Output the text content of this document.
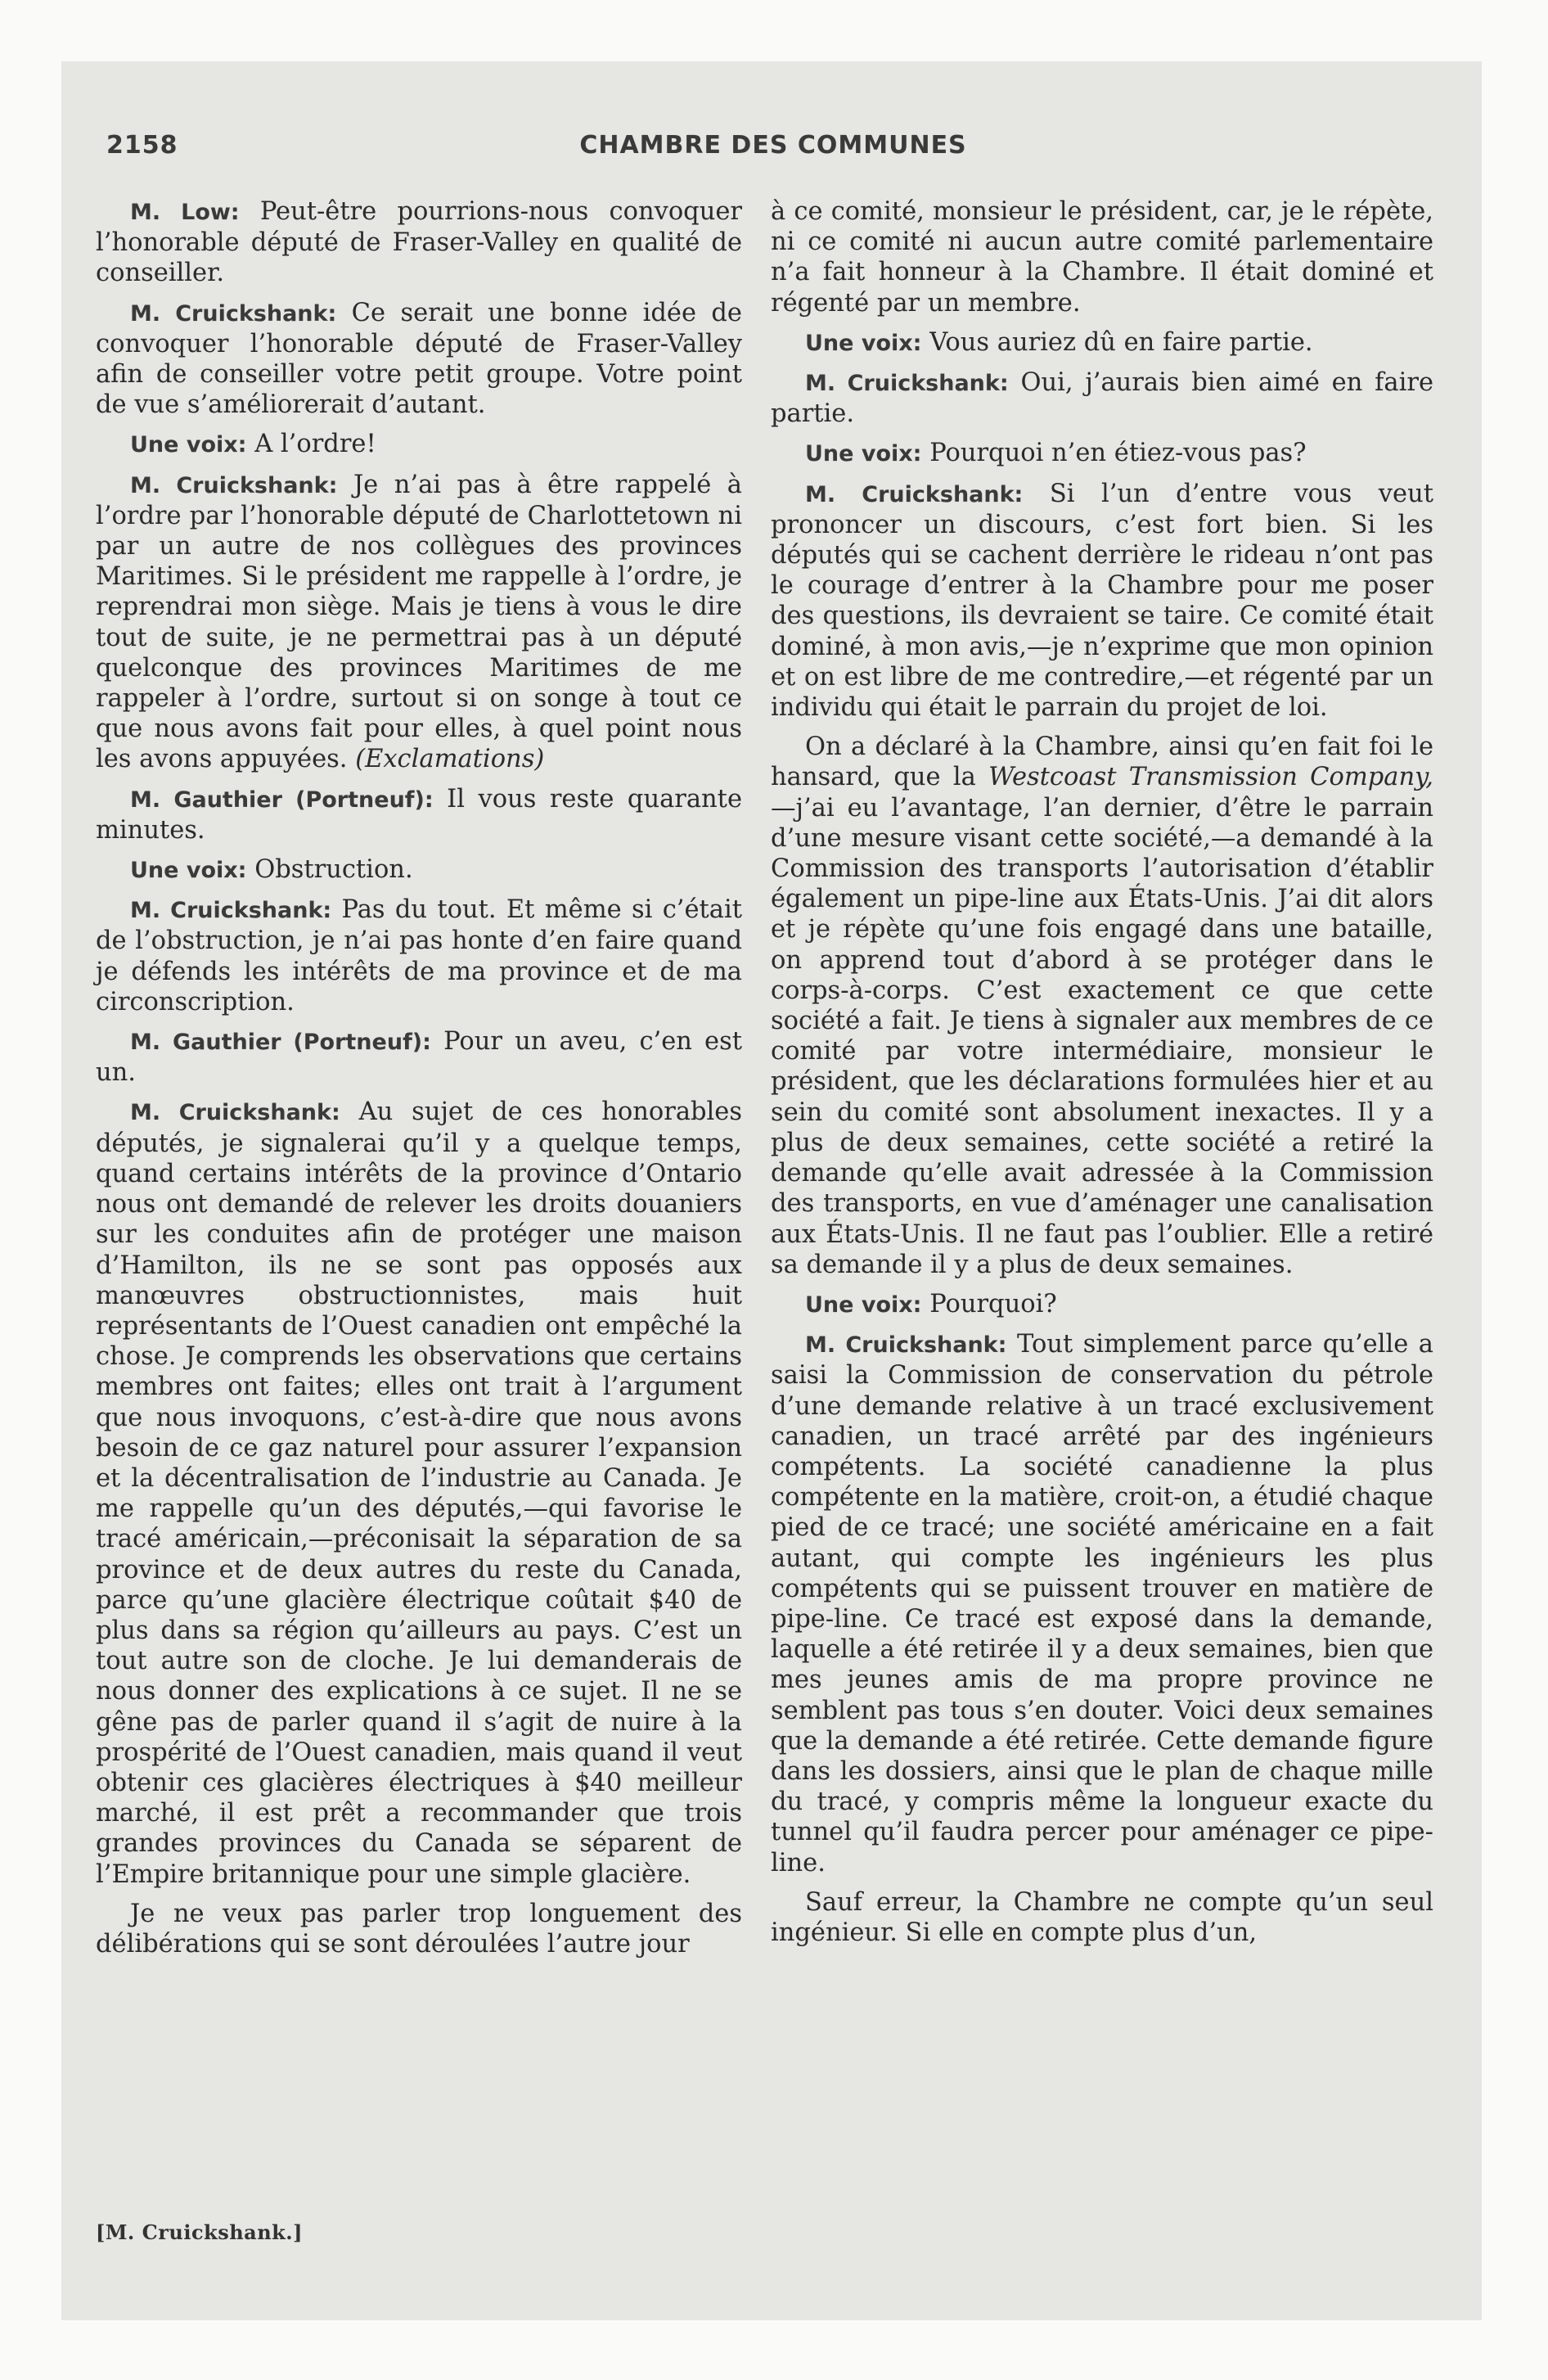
2158	CHAMBRE DES COMMUNES

M. Low: Peut-être pourrions-nous convoquer l’honorable député de Fraser-Valley en qualité de conseiller.

M. Cruickshank: Ce serait une bonne idée de convoquer l’honorable député de Fraser-Valley afin de conseiller votre petit groupe. Votre point de vue s’améliorerait d’autant.

Une voix: A l’ordre!

M. Cruickshank: Je n’ai pas à être rappelé à l’ordre par l’honorable député de Charlottetown ni par un autre de nos collègues des provinces Maritimes. Si le président me rappelle à l’ordre, je reprendrai mon siège. Mais je tiens à vous le dire tout de suite, je ne permettrai pas à un député quelconque des provinces Maritimes de me rappeler à l’ordre, surtout si on songe à tout ce que nous avons fait pour elles, à quel point nous les avons appuyées. (Exclamations)

M. Gauthier (Portneuf): Il vous reste quarante minutes.

Une voix: Obstruction.

M. Cruickshank: Pas du tout. Et même si c’était de l’obstruction, je n’ai pas honte d’en faire quand je défends les intérêts de ma province et de ma circonscription.

M. Gauthier (Portneuf): Pour un aveu, c’en est un.

M. Cruickshank: Au sujet de ces honorables députés, je signalerai qu’il y a quelque temps, quand certains intérêts de la province d’Ontario nous ont demandé de relever les droits douaniers sur les conduites afin de protéger une maison d’Hamilton, ils ne se sont pas opposés aux manœuvres obstructionnistes, mais huit représentants de l’Ouest canadien ont empêché la chose. Je comprends les observations que certains membres ont faites; elles ont trait à l’argument que nous invoquons, c’est-à-dire que nous avons besoin de ce gaz naturel pour assurer l’expansion et la décentralisation de l’industrie au Canada. Je me rappelle qu’un des députés,—qui favorise le tracé américain,—préconisait la séparation de sa province et de deux autres du reste du Canada, parce qu’une glacière électrique coûtait $40 de plus dans sa région qu’ailleurs au pays. C’est un tout autre son de cloche. Je lui demanderais de nous donner des explications à ce sujet. Il ne se gêne pas de parler quand il s’agit de nuire à la prospérité de l’Ouest canadien, mais quand il veut obtenir ces glacières électriques à $40 meilleur marché, il est prêt a recommander que trois grandes provinces du Canada se séparent de l’Empire britannique pour une simple glacière.

Je ne veux pas parler trop longuement des délibérations qui se sont déroulées l’autre jour

à ce comité, monsieur le président, car, je le répète, ni ce comité ni aucun autre comité parlementaire n’a fait honneur à la Chambre. Il était dominé et régenté par un membre.

Une voix: Vous auriez dû en faire partie.

M. Cruickshank: Oui, j’aurais bien aimé en faire partie.

Une voix: Pourquoi n’en étiez-vous pas?

M. Cruickshank: Si l’un d’entre vous veut prononcer un discours, c’est fort bien. Si les députés qui se cachent derrière le rideau n’ont pas le courage d’entrer à la Chambre pour me poser des questions, ils devraient se taire. Ce comité était dominé, à mon avis,—je n’exprime que mon opinion et on est libre de me contredire,—et régenté par un individu qui était le parrain du projet de loi.

On a déclaré à la Chambre, ainsi qu’en fait foi le hansard, que la Westcoast Transmission Company,—j’ai eu l’avantage, l’an dernier, d’être le parrain d’une mesure visant cette société,—a demandé à la Commission des transports l’autorisation d’établir également un pipe-line aux États-Unis. J’ai dit alors et je répète qu’une fois engagé dans une bataille, on apprend tout d’abord à se protéger dans le corps-à-corps. C’est exactement ce que cette société a fait. Je tiens à signaler aux membres de ce comité par votre intermédiaire, monsieur le président, que les déclarations formulées hier et au sein du comité sont absolument inexactes. Il y a plus de deux semaines, cette société a retiré la demande qu’elle avait adressée à la Commission des transports, en vue d’aménager une canalisation aux États-Unis. Il ne faut pas l’oublier. Elle a retiré sa demande il y a plus de deux semaines.

Une voix: Pourquoi?

M. Cruickshank: Tout simplement parce qu’elle a saisi la Commission de conservation du pétrole d’une demande relative à un tracé exclusivement canadien, un tracé arrêté par des ingénieurs compétents. La société canadienne la plus compétente en la matière, croit-on, a étudié chaque pied de ce tracé; une société américaine en a fait autant, qui compte les ingénieurs les plus compétents qui se puissent trouver en matière de pipe-line. Ce tracé est exposé dans la demande, laquelle a été retirée il y a deux semaines, bien que mes jeunes amis de ma propre province ne semblent pas tous s’en douter. Voici deux semaines que la demande a été retirée. Cette demande figure dans les dossiers, ainsi que le plan de chaque mille du tracé, y compris même la longueur exacte du tunnel qu’il faudra percer pour aménager ce pipe-line.

Sauf erreur, la Chambre ne compte qu’un seul ingénieur. Si elle en compte plus d’un,

[M. Cruickshank.]
